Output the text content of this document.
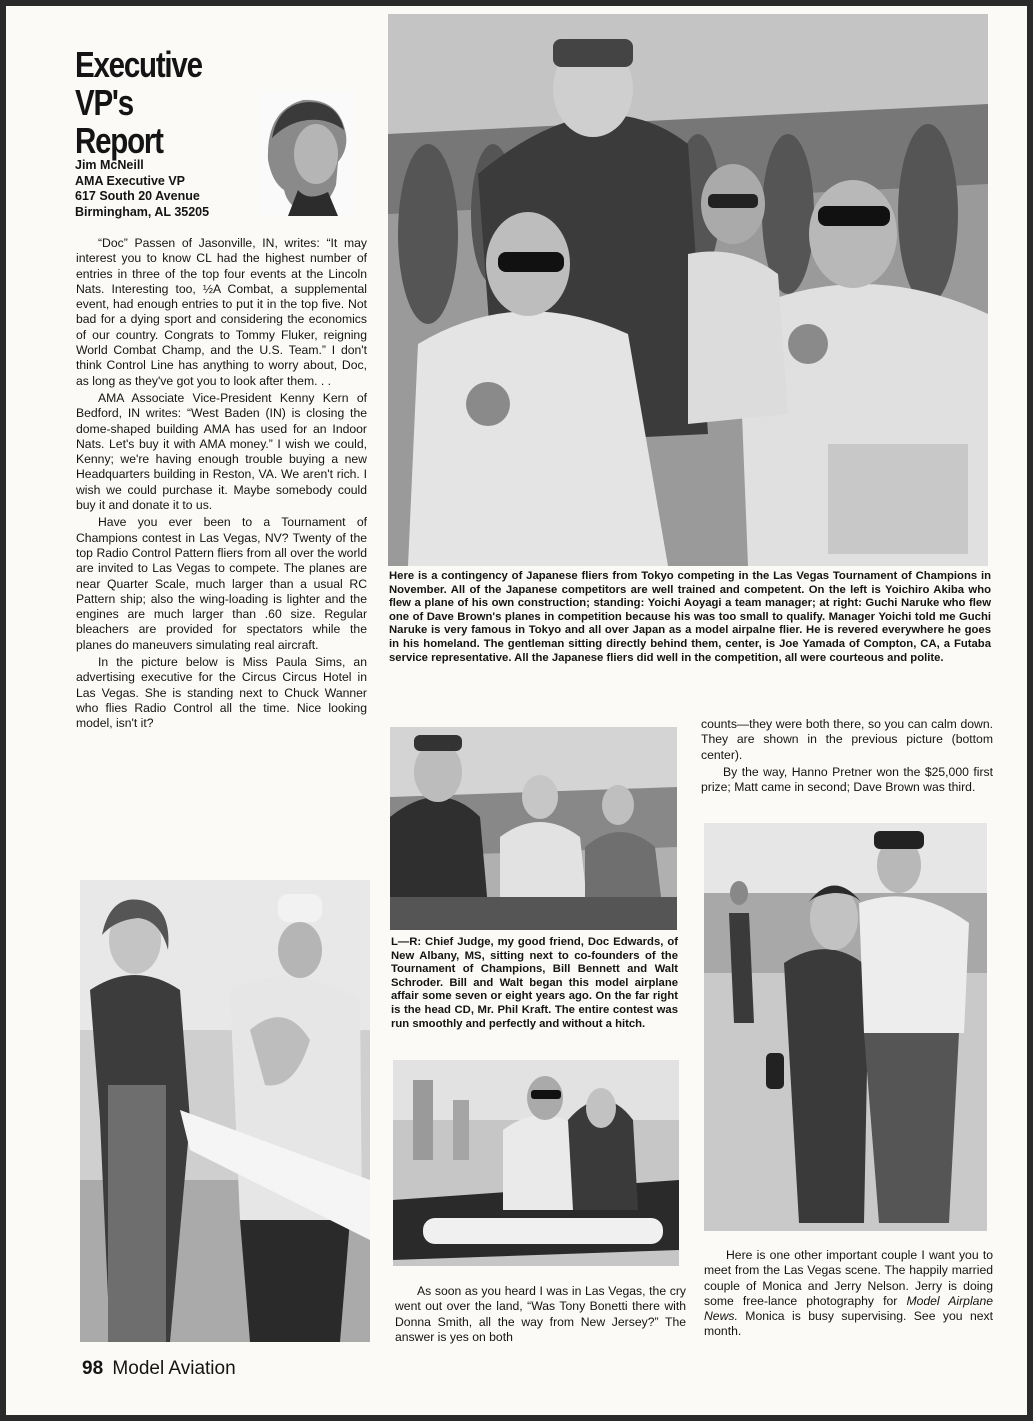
Executive VP's
Report
Jim McNeill
AMA Executive VP
617 South 20 Avenue
Birmingham, AL 35205

“Doc” Passen of Jasonville, IN, writes: “It may interest you to know CL had the highest number of entries in three of the top four events at the Lincoln Nats. Interesting too, ½A Combat, a supplemental event, had enough entries to put it in the top five. Not bad for a dying sport and considering the economics of our country. Congrats to Tommy Fluker, reigning World Combat Champ, and the U.S. Team.” I don't think Control Line has anything to worry about, Doc, as long as they've got you to look after them. . .

AMA Associate Vice-President Kenny Kern of Bedford, IN writes: “West Baden (IN) is closing the dome-shaped building AMA has used for an Indoor Nats. Let's buy it with AMA money.” I wish we could, Kenny; we're having enough trouble buying a new Headquarters building in Reston, VA. We aren't rich. I wish we could purchase it. Maybe somebody could buy it and donate it to us.

Have you ever been to a Tournament of Champions contest in Las Vegas, NV? Twenty of the top Radio Control Pattern fliers from all over the world are invited to Las Vegas to compete. The planes are near Quarter Scale, much larger than a usual RC Pattern ship; also the wing-loading is lighter and the engines are much larger than .60 size. Regular bleachers are provided for spectators while the planes do maneuvers simulating real aircraft.

In the picture below is Miss Paula Sims, an advertising executive for the Circus Circus Hotel in Las Vegas. She is standing next to Chuck Wanner who flies Radio Control all the time. Nice looking model, isn't it?

Here is a contingency of Japanese fliers from Tokyo competing in the Las Vegas Tournament of Champions in November. All of the Japanese competitors are well trained and competent. On the left is Yoichiro Akiba who flew a plane of his own construction; standing: Yoichi Aoyagi a team manager; at right: Guchi Naruke who flew one of Dave Brown's planes in competition because his was too small to qualify. Manager Yoichi told me Guchi Naruke is very famous in Tokyo and all over Japan as a model airpalne flier. He is revered everywhere he goes in his homeland. The gentleman sitting directly behind them, center, is Joe Yamada of Compton, CA, a Futaba service representative. All the Japanese fliers did well in the competition, all were courteous and polite.
L—R: Chief Judge, my good friend, Doc Edwards, of New Albany, MS, sitting next to co-founders of the Tournament of Champions, Bill Bennett and Walt Schroder. Bill and Walt began this model airplane affair some seven or eight years ago. On the far right is the head CD, Mr. Phil Kraft. The entire contest was run smoothly and perfectly and without a hitch.

As soon as you heard I was in Las Vegas, the cry went out over the land, “Was Tony Bonetti there with Donna Smith, all the way from New Jersey?” The answer is yes on both

counts—they were both there, so you can calm down. They are shown in the previous picture (bottom center).

By the way, Hanno Pretner won the $25,000 first prize; Matt came in second; Dave Brown was third.

Here is one other important couple I want you to meet from the Las Vegas scene. The happily married couple of Monica and Jerry Nelson. Jerry is doing some free-lance photography for Model Airplane News. Monica is busy supervising. See you next month.

98 Model Aviation
